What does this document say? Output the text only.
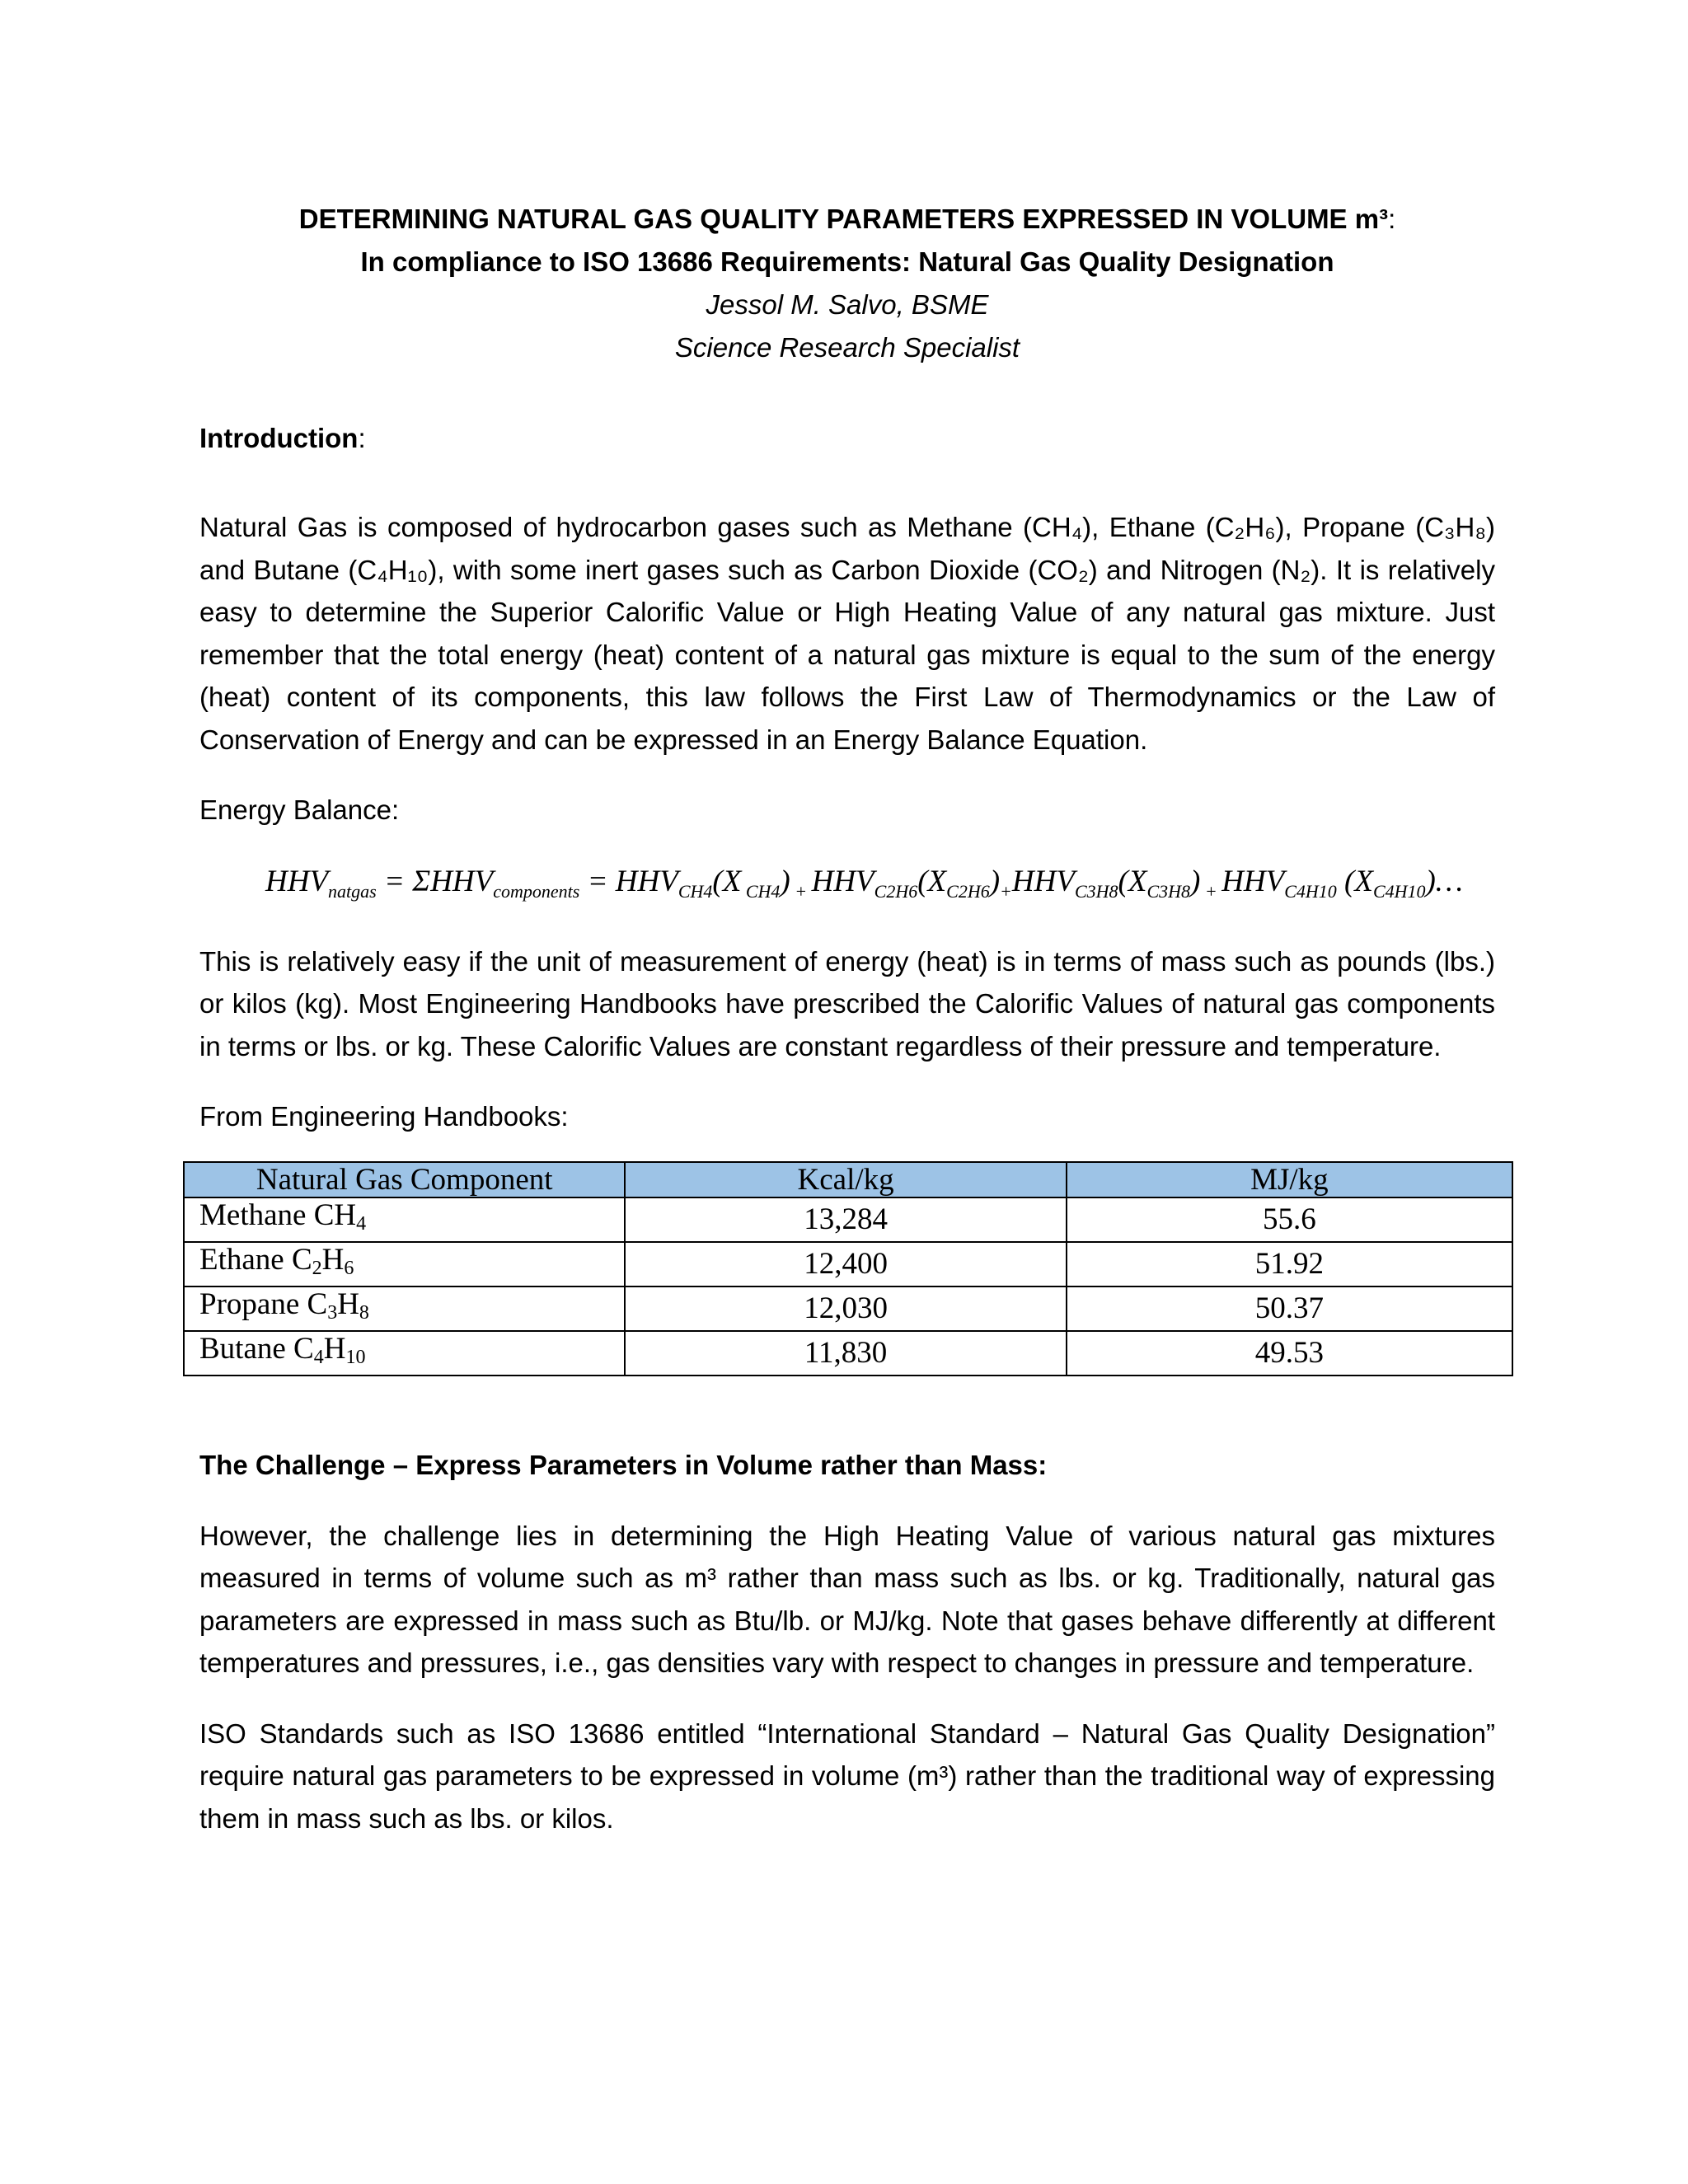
DETERMINING NATURAL GAS QUALITY PARAMETERS EXPRESSED IN VOLUME m³:
In compliance to ISO 13686 Requirements: Natural Gas Quality Designation
Jessol M. Salvo, BSME
Science Research Specialist
Introduction:

Natural Gas is composed of hydrocarbon gases such as Methane (CH₄), Ethane (C₂H₆), Propane (C₃H₈) and Butane (C₄H₁₀), with some inert gases such as Carbon Dioxide (CO₂) and Nitrogen (N₂). It is relatively easy to determine the Superior Calorific Value or High Heating Value of any natural gas mixture. Just remember that the total energy (heat) content of a natural gas mixture is equal to the sum of the energy (heat) content of its components, this law follows the First Law of Thermodynamics or the Law of Conservation of Energy and can be expressed in an Energy Balance Equation.

Energy Balance:

$HHV_{natgas} = \Sigma HHV_{components} = HHV_{CH4}(X$ $_{CH4}$) $_+$ $HHV_{C2H6}(X_{C2H6})_+HHV_{C3H8}(X_{C3H8})$ $_+$ $HHV_{C4H10}$ $(X_{C4H10})\dots$

This is relatively easy if the unit of measurement of energy (heat) is in terms of mass such as pounds (lbs.) or kilos (kg). Most Engineering Handbooks have prescribed the Calorific Values of natural gas components in terms or lbs. or kg. These Calorific Values are constant regardless of their pressure and temperature.

From Engineering Handbooks:

Natural Gas Component	Kcal/kg	MJ/kg
Methane CH4	13,284	55.6
Ethane C2H6	12,400	51.92
Propane C3H8	12,030	50.37
Butane C4H10	11,830	49.53
The Challenge – Express Parameters in Volume rather than Mass:

However, the challenge lies in determining the High Heating Value of various natural gas mixtures measured in terms of volume such as m³ rather than mass such as lbs. or kg. Traditionally, natural gas parameters are expressed in mass such as Btu/lb. or MJ/kg. Note that gases behave differently at different temperatures and pressures, i.e., gas densities vary with respect to changes in pressure and temperature.

ISO Standards such as ISO 13686 entitled “International Standard – Natural Gas Quality Designation” require natural gas parameters to be expressed in volume (m³) rather than the traditional way of expressing them in mass such as lbs. or kilos.
